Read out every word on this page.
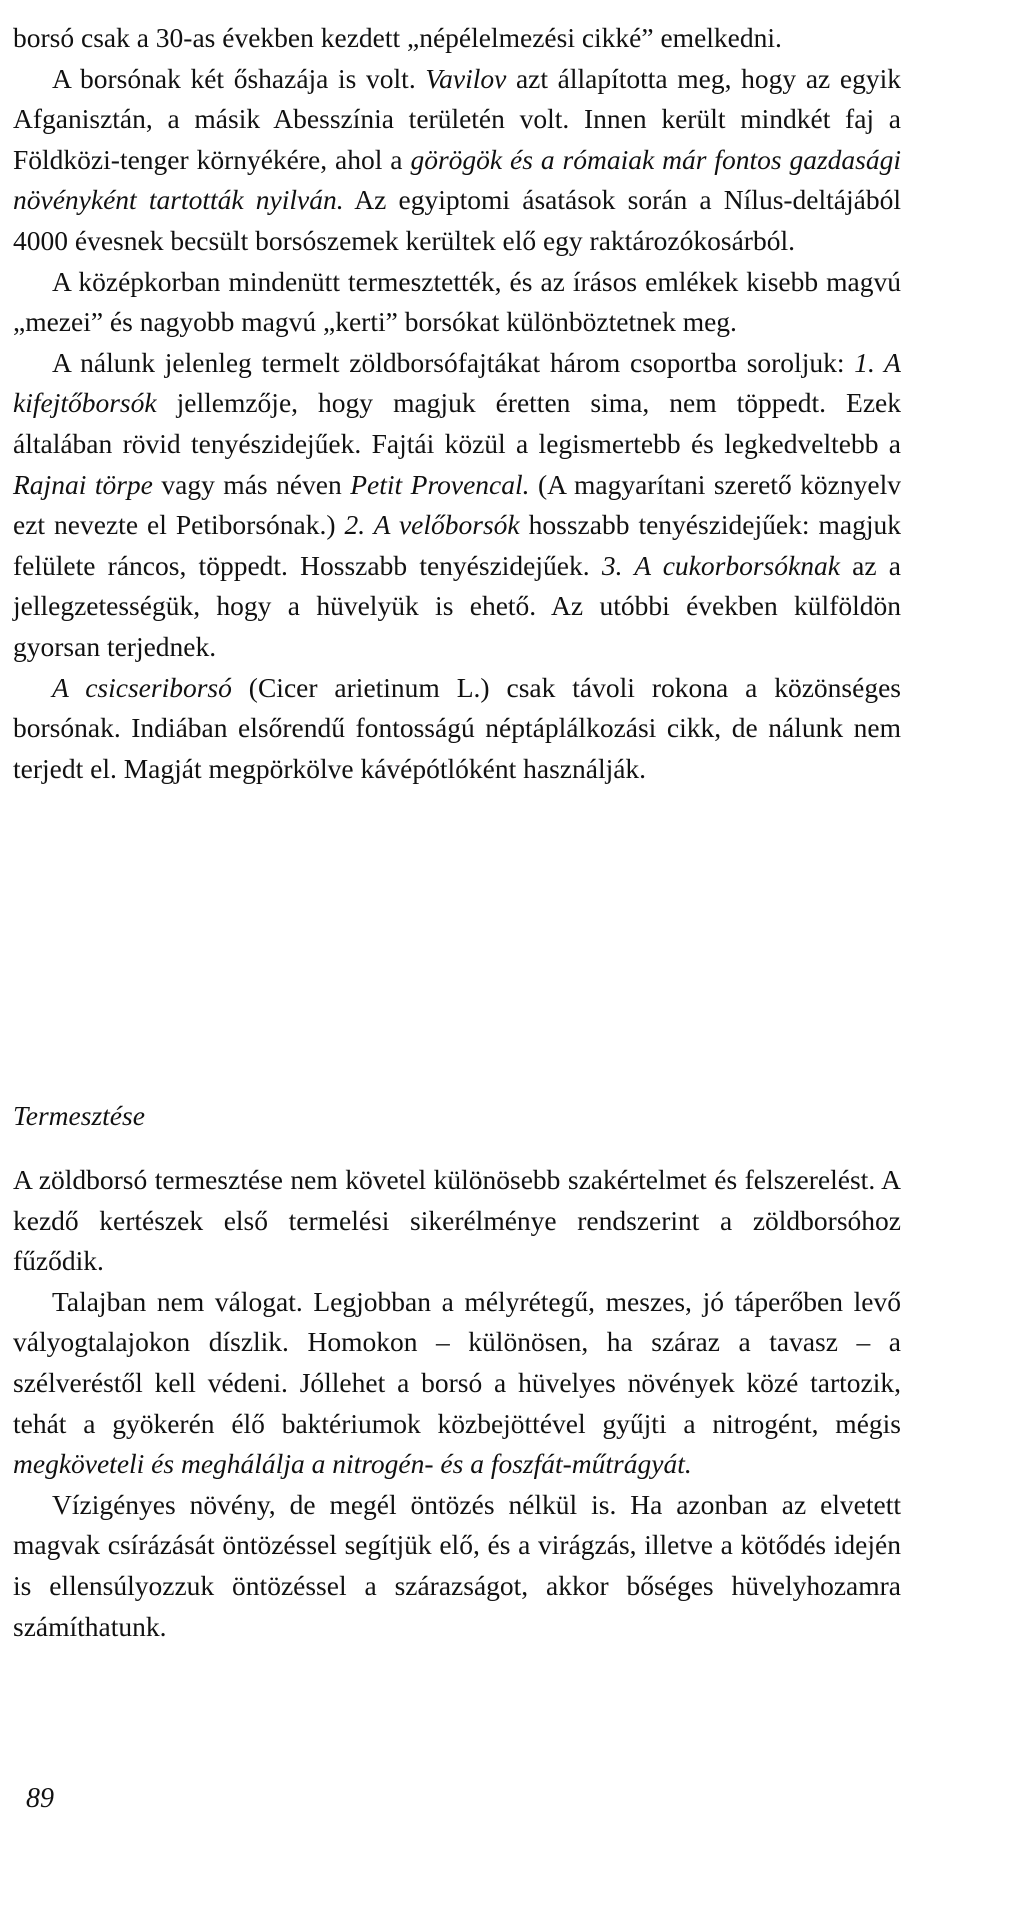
borsó csak a 30-as években kezdett „népélelmezési cikké” emelkedni.

A borsónak két őshazája is volt. Vavilov azt állapította meg, hogy az egyik Afganisztán, a másik Abesszínia területén volt. Innen került mindkét faj a Földközi-tenger környékére, ahol a görögök és a rómaiak már fontos gazdasági növényként tartották nyilván. Az egyiptomi ásatások során a Nílus-deltájából 4000 évesnek becsült borsószemek kerültek elő egy raktározókosárból.

A középkorban mindenütt termesztették, és az írásos emlékek kisebb magvú „mezei” és nagyobb magvú „kerti” borsókat különböztetnek meg.

A nálunk jelenleg termelt zöldborsófajtákat három csoportba soroljuk: 1. A kifejtőborsók jellemzője, hogy magjuk éretten sima, nem töppedt. Ezek általában rövid tenyészidejűek. Fajtái közül a legismertebb és legkedveltebb a Rajnai törpe vagy más néven Petit Provencal. (A magyarítani szerető köznyelv ezt nevezte el Petiborsónak.) 2. A velőborsók hosszabb tenyészidejűek: magjuk felülete ráncos, töppedt. Hosszabb tenyészidejűek. 3. A cukorborsóknak az a jellegzetességük, hogy a hüvelyük is ehető. Az utóbbi években külföldön gyorsan terjednek.

A csicseriborsó (Cicer arietinum L.) csak távoli rokona a közönséges borsónak. Indiában elsőrendű fontosságú néptáplálkozási cikk, de nálunk nem terjedt el. Magját megpörkölve kávépótlóként használják.

Termesztése

A zöldborsó termesztése nem követel különösebb szakértelmet és felszerelést. A kezdő kertészek első termelési sikerélménye rendszerint a zöldborsóhoz fűződik.

Talajban nem válogat. Legjobban a mélyrétegű, meszes, jó táperőben levő vályogtalajokon díszlik. Homokon – különösen, ha száraz a tavasz – a szélveréstől kell védeni. Jóllehet a borsó a hüvelyes növények közé tartozik, tehát a gyökerén élő baktériumok közbejöttével gyűjti a nitrogént, mégis megköveteli és meghálálja a nitrogén- és a foszfát-műtrágyát.

Vízigényes növény, de megél öntözés nélkül is. Ha azonban az elvetett magvak csírázását öntözéssel segítjük elő, és a virágzás, illetve a kötődés idején is ellensúlyozzuk öntözéssel a szárazságot, akkor bőséges hüvelyhozamra számíthatunk.

89
